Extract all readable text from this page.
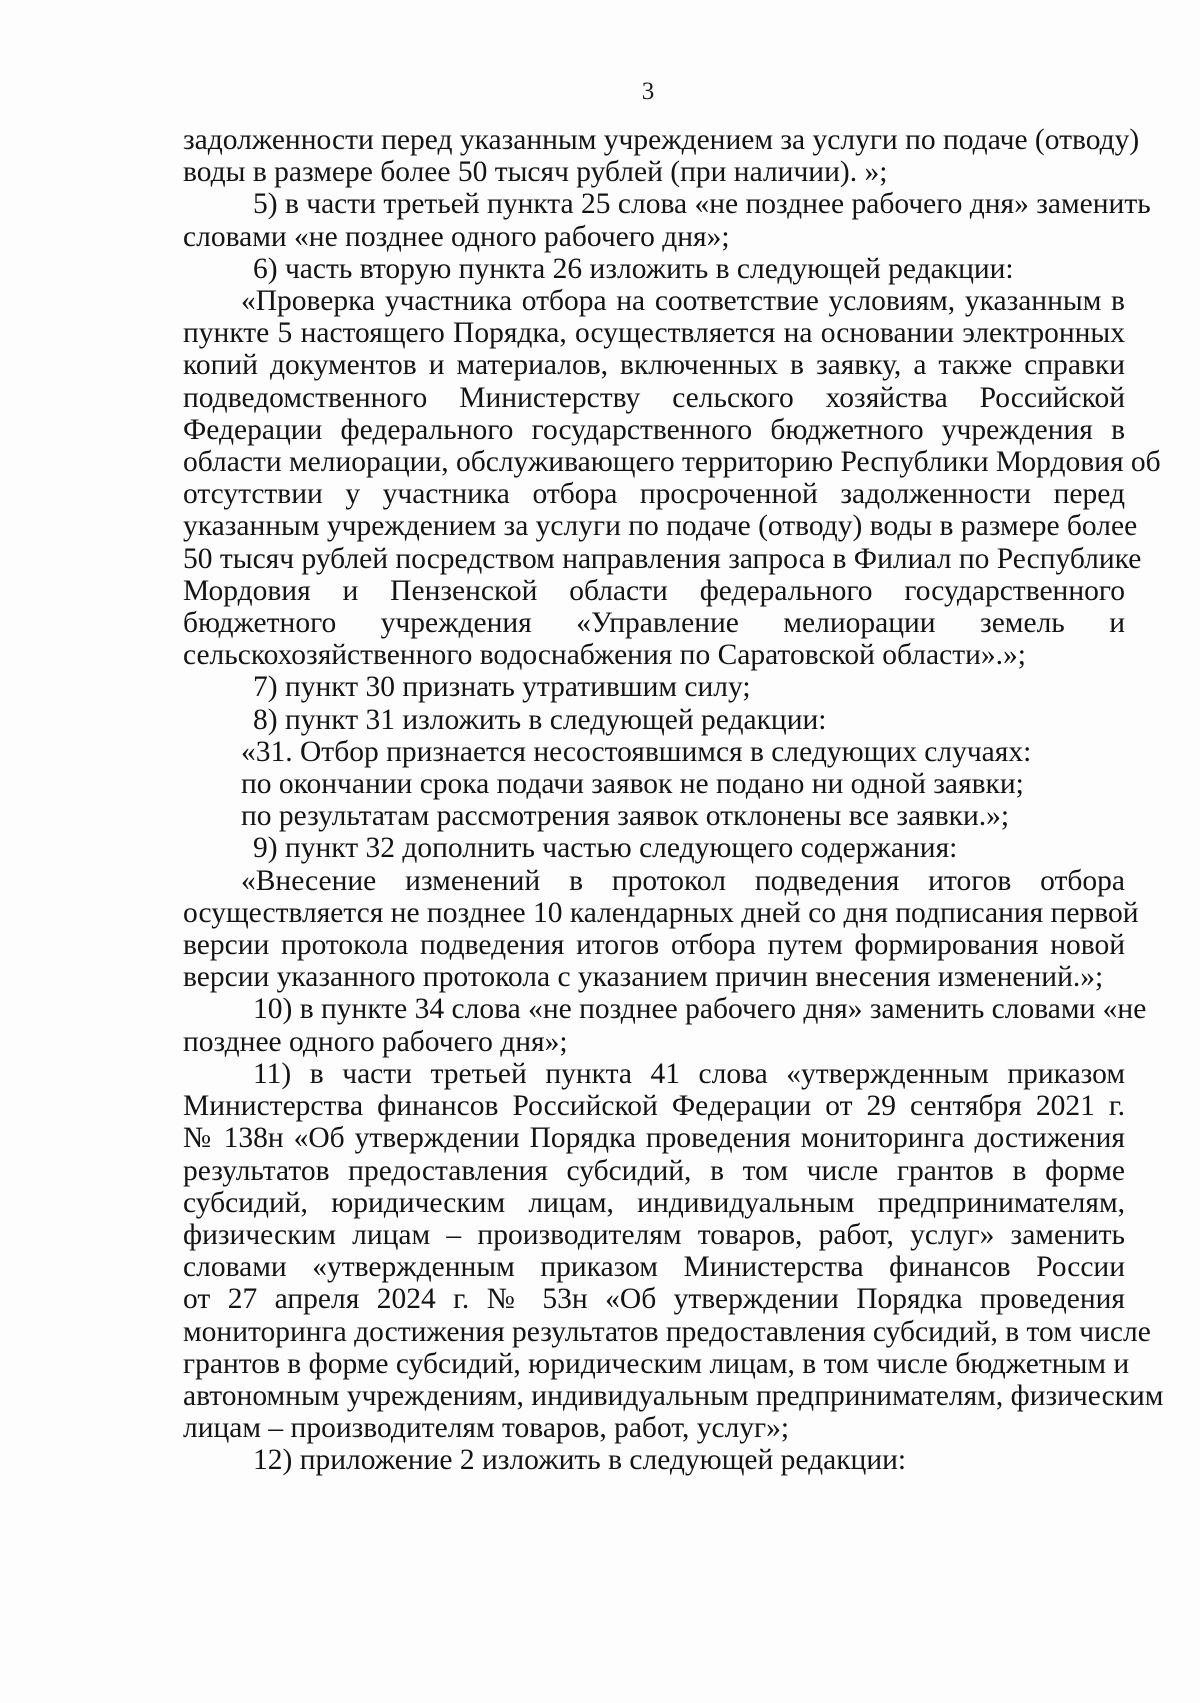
3
задолженности перед указанным учреждением за услуги по подаче (отводу)
воды в размере более 50 тысяч рублей (при наличии). »;
5) в части третьей пункта 25 слова «не позднее рабочего дня» заменить
словами «не позднее одного рабочего дня»;
6) часть вторую пункта 26 изложить в следующей редакции:
«Проверка участника отбора на соответствие условиям, указанным в
пункте 5 настоящего Порядка, осуществляется на основании электронных
копий документов и материалов, включенных в заявку, а также справки
подведомственного Министерству сельского хозяйства Российской
Федерации федерального государственного бюджетного учреждения в
области мелиорации, обслуживающего территорию Республики Мордовия об
отсутствии у участника отбора просроченной задолженности перед
указанным учреждением за услуги по подаче (отводу) воды в размере более
50 тысяч рублей посредством направления запроса в Филиал по Республике
Мордовия и Пензенской области федерального государственного
бюджетного учреждения «Управление мелиорации земель и
сельскохозяйственного водоснабжения по Саратовской области».»;
7) пункт 30 признать утратившим силу;
8) пункт 31 изложить в следующей редакции:
«31. Отбор признается несостоявшимся в следующих случаях:
по окончании срока подачи заявок не подано ни одной заявки;
по результатам рассмотрения заявок отклонены все заявки.»;
9) пункт 32 дополнить частью следующего содержания:
«Внесение изменений в протокол подведения итогов отбора
осуществляется не позднее 10 календарных дней со дня подписания первой
версии протокола подведения итогов отбора путем формирования новой
версии указанного протокола с указанием причин внесения изменений.»;
10) в пункте 34 слова «не позднее рабочего дня» заменить словами «не
позднее одного рабочего дня»;
11) в части третьей пункта 41 слова «утвержденным приказом
Министерства финансов Российской Федерации от 29 сентября 2021 г.
№ 138н «Об утверждении Порядка проведения мониторинга достижения
результатов предоставления субсидий, в том числе грантов в форме
субсидий, юридическим лицам, индивидуальным предпринимателям,
физическим лицам – производителям товаров, работ, услуг» заменить
словами «утвержденным приказом Министерства финансов России
от 27 апреля 2024 г. № 53н «Об утверждении Порядка проведения
мониторинга достижения результатов предоставления субсидий, в том числе
грантов в форме субсидий, юридическим лицам, в том числе бюджетным и
автономным учреждениям, индивидуальным предпринимателям, физическим
лицам – производителям товаров, работ, услуг»;
12) приложение 2 изложить в следующей редакции:
